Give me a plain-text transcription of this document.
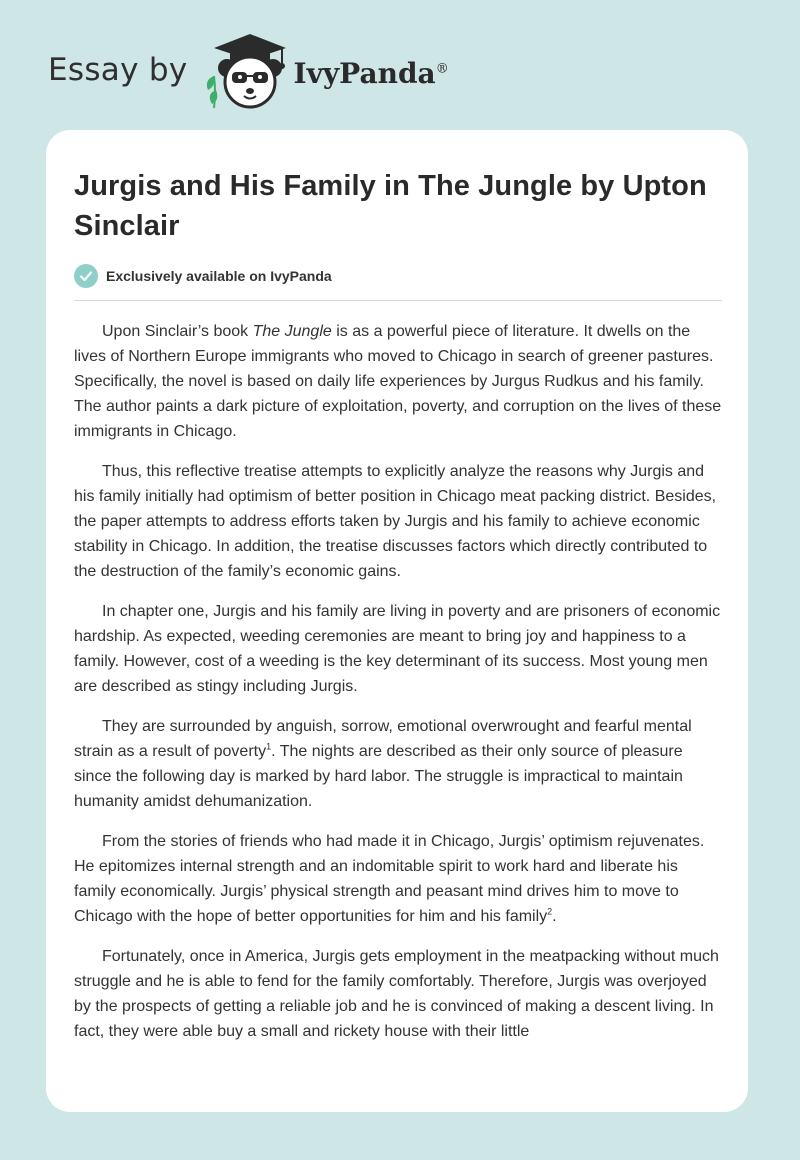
Essay by	IvyPanda®
Jurgis and His Family in The Jungle by Upton Sinclair
Exclusively available on IvyPanda

Upon Sinclair’s book The Jungle is as a powerful piece of literature. It dwells on the lives of Northern Europe immigrants who moved to Chicago in search of greener pastures. Specifically, the novel is based on daily life experiences by Jurgus Rudkus and his family. The author paints a dark picture of exploitation, poverty, and corruption on the lives of these immigrants in Chicago.

Thus, this reflective treatise attempts to explicitly analyze the reasons why Jurgis and his family initially had optimism of better position in Chicago meat packing district. Besides, the paper attempts to address efforts taken by Jurgis and his family to achieve economic stability in Chicago. In addition, the treatise discusses factors which directly contributed to the destruction of the family’s economic gains.

In chapter one, Jurgis and his family are living in poverty and are prisoners of economic hardship. As expected, weeding ceremonies are meant to bring joy and happiness to a family. However, cost of a weeding is the key determinant of its success. Most young men are described as stingy including Jurgis.

They are surrounded by anguish, sorrow, emotional overwrought and fearful mental strain as a result of poverty$^1$. The nights are described as their only source of pleasure since the following day is marked by hard labor. The struggle is impractical to maintain humanity amidst dehumanization.

From the stories of friends who had made it in Chicago, Jurgis’ optimism rejuvenates. He epitomizes internal strength and an indomitable spirit to work hard and liberate his family economically. Jurgis’ physical strength and peasant mind drives him to move to Chicago with the hope of better opportunities for him and his family$^2$.

Fortunately, once in America, Jurgis gets employment in the meatpacking without much struggle and he is able to fend for the family comfortably. Therefore, Jurgis was overjoyed by the prospects of getting a reliable job and he is convinced of making a descent living. In fact, they were able buy a small and rickety house with their little
